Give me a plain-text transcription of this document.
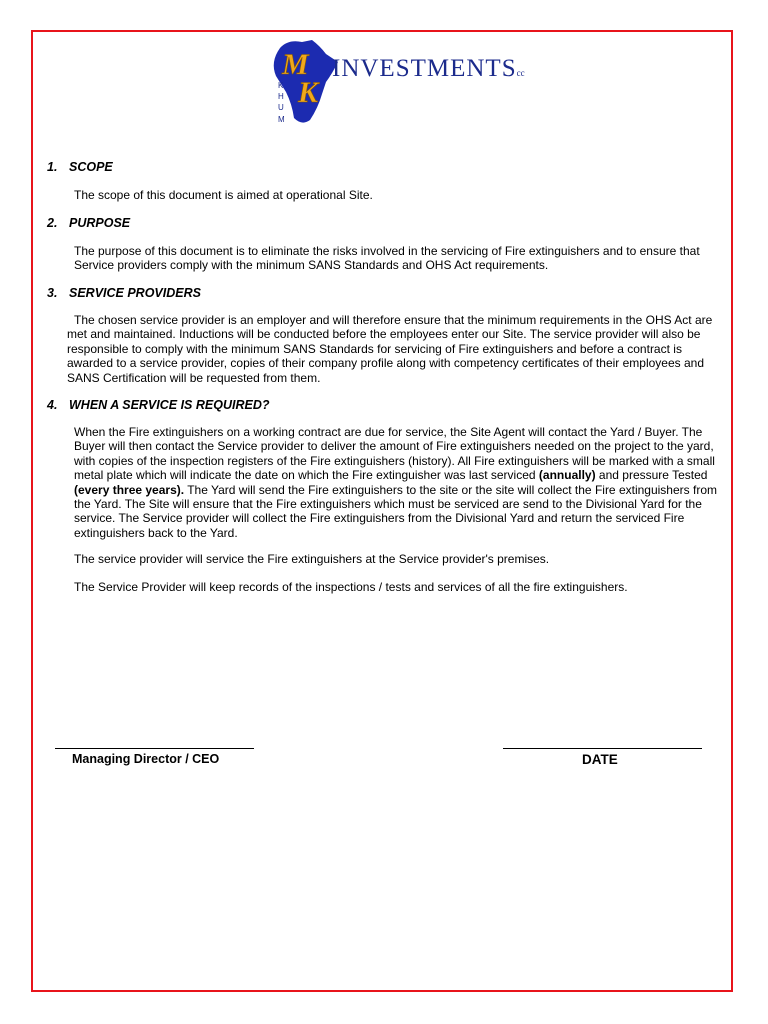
M
K
K
H
U
M
INVESTMENTScc
1. SCOPE
The scope of this document is aimed at operational Site.
2. PURPOSE
The purpose of this document is to eliminate the risks involved in the servicing of Fire extinguishers and to ensure that Service providers comply with the minimum SANS Standards and OHS Act requirements.
3. SERVICE PROVIDERS
The chosen service provider is an employer and will therefore ensure that the minimum requirements in the OHS Act are met and maintained. Inductions will be conducted before the employees enter our Site. The service provider will also be responsible to comply with the minimum SANS Standards for servicing of Fire extinguishers and before a contract is awarded to a service provider, copies of their company profile along with competency certificates of their employees and SANS Certification will be requested from them.
4. WHEN A SERVICE IS REQUIRED?
When the Fire extinguishers on a working contract are due for service, the Site Agent will contact the Yard / Buyer. The Buyer will then contact the Service provider to deliver the amount of Fire extinguishers needed on the project to the yard, with copies of the inspection registers of the Fire extinguishers (history). All Fire extinguishers will be marked with a small metal plate which will indicate the date on which the Fire extinguisher was last serviced (annually) and pressure Tested (every three years). The Yard will send the Fire extinguishers to the site or the site will collect the Fire extinguishers from the Yard. The Site will ensure that the Fire extinguishers which must be serviced are send to the Divisional Yard for the service. The Service provider will collect the Fire extinguishers from the Divisional Yard and return the serviced Fire extinguishers back to the Yard.
The service provider will service the Fire extinguishers at the Service provider's premises.
The Service Provider will keep records of the inspections / tests and services of all the fire extinguishers.
Managing Director / CEO	DATE
